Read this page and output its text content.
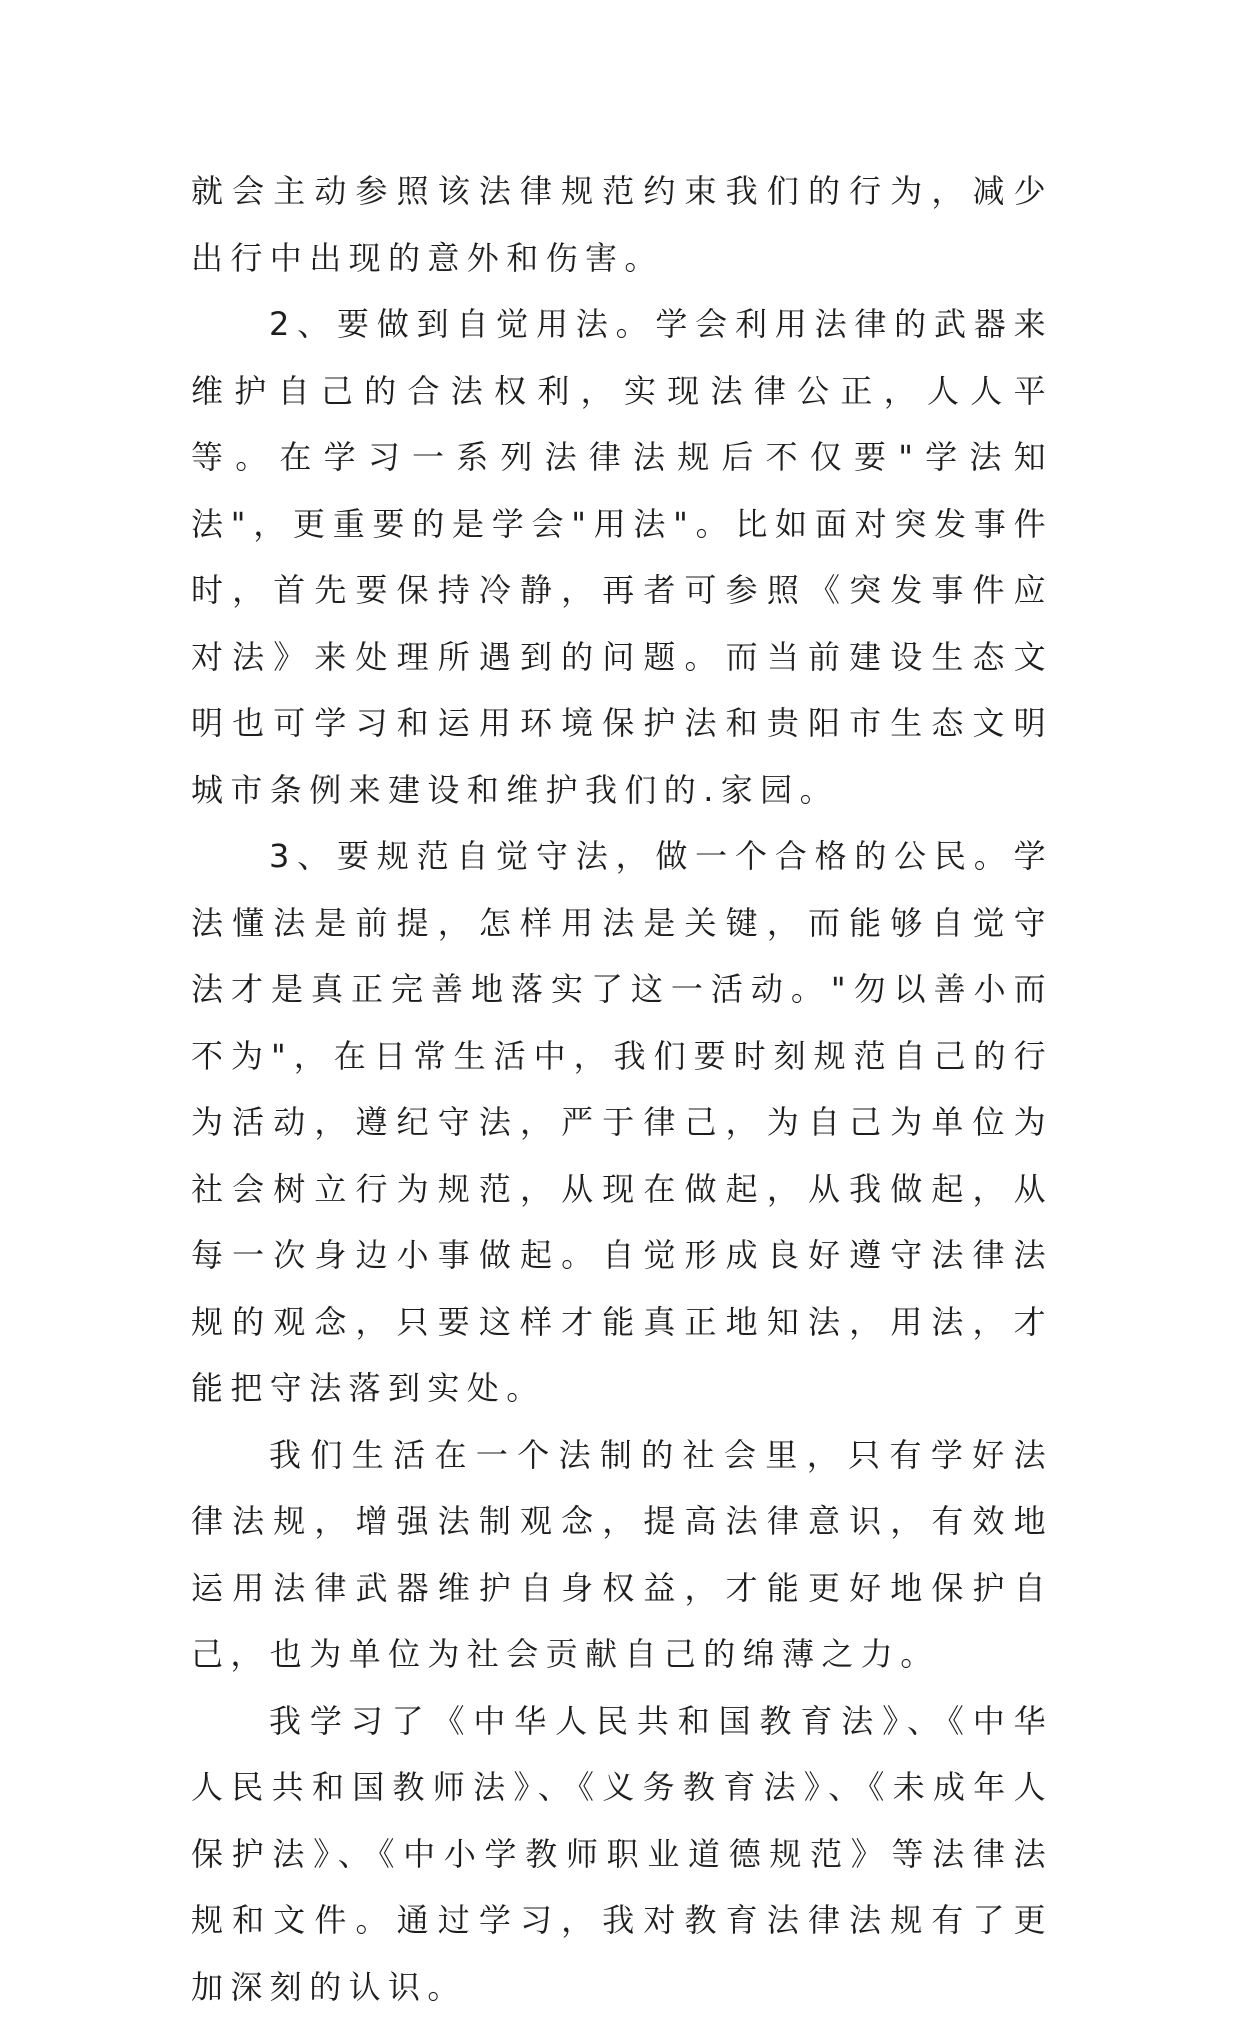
就会主动参照该法律规范约束我们的行为，减少出行中出现的意外和伤害。

2、要做到自觉用法。学会利用法律的武器来维护自己的合法权利，实现法律公正，人人平等。在学习一系列法律法规后不仅要"学法知法"，更重要的是学会"用法"。比如面对突发事件时，首先要保持冷静，再者可参照《突发事件应对法》来处理所遇到的问题。而当前建设生态文明也可学习和运用环境保护法和贵阳市生态文明城市条例来建设和维护我们的.家园。

3、要规范自觉守法，做一个合格的公民。学法懂法是前提，怎样用法是关键，而能够自觉守法才是真正完善地落实了这一活动。"勿以善小而不为"，在日常生活中，我们要时刻规范自己的行为活动，遵纪守法，严于律己，为自己为单位为社会树立行为规范，从现在做起，从我做起，从每一次身边小事做起。自觉形成良好遵守法律法规的观念，只要这样才能真正地知法，用法，才能把守法落到实处。

我们生活在一个法制的社会里，只有学好法律法规，增强法制观念，提高法律意识，有效地运用法律武器维护自身权益，才能更好地保护自己，也为单位为社会贡献自己的绵薄之力。

我学习了《中华人民共和国教育法》、《中华人民共和国教师法》、《义务教育法》、《未成年人保护法》、《中小学教师职业道德规范》等法律法规和文件。通过学习，我对教育法律法规有了更加深刻的认识。
